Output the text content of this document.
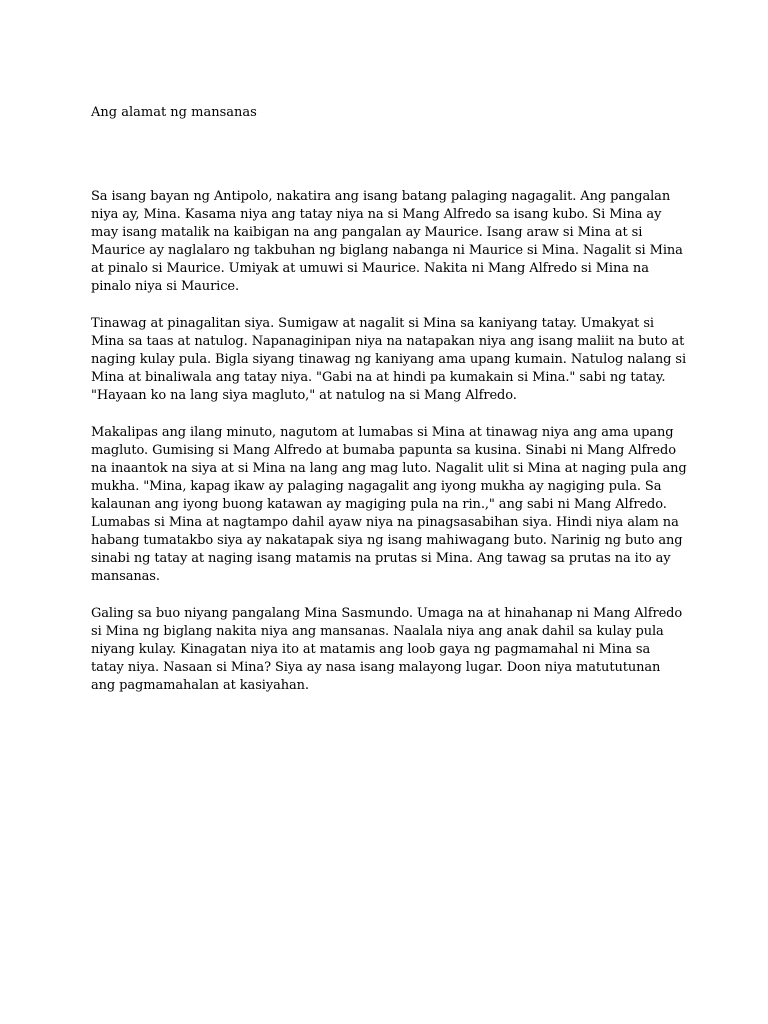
Ang alamat ng mansanas

Sa isang bayan ng Antipolo, nakatira ang isang batang palaging nagagalit. Ang pangalan
niya ay, Mina. Kasama niya ang tatay niya na si Mang Alfredo sa isang kubo. Si Mina ay
may isang matalik na kaibigan na ang pangalan ay Maurice. Isang araw si Mina at si
Maurice ay naglalaro ng takbuhan ng biglang nabanga ni Maurice si Mina. Nagalit si Mina
at pinalo si Maurice. Umiyak at umuwi si Maurice. Nakita ni Mang Alfredo si Mina na
pinalo niya si Maurice.

Tinawag at pinagalitan siya. Sumigaw at nagalit si Mina sa kaniyang tatay. Umakyat si
Mina sa taas at natulog. Napanaginipan niya na natapakan niya ang isang maliit na buto at
naging kulay pula. Bigla siyang tinawag ng kaniyang ama upang kumain. Natulog nalang si
Mina at binaliwala ang tatay niya. "Gabi na at hindi pa kumakain si Mina." sabi ng tatay.
"Hayaan ko na lang siya magluto," at natulog na si Mang Alfredo.

Makalipas ang ilang minuto, nagutom at lumabas si Mina at tinawag niya ang ama upang
magluto. Gumising si Mang Alfredo at bumaba papunta sa kusina. Sinabi ni Mang Alfredo
na inaantok na siya at si Mina na lang ang mag luto. Nagalit ulit si Mina at naging pula ang
mukha. "Mina, kapag ikaw ay palaging nagagalit ang iyong mukha ay nagiging pula. Sa
kalaunan ang iyong buong katawan ay magiging pula na rin.," ang sabi ni Mang Alfredo.
Lumabas si Mina at nagtampo dahil ayaw niya na pinagsasabihan siya. Hindi niya alam na
habang tumatakbo siya ay nakatapak siya ng isang mahiwagang buto. Narinig ng buto ang
sinabi ng tatay at naging isang matamis na prutas si Mina. Ang tawag sa prutas na ito ay
mansanas.

Galing sa buo niyang pangalang Mina Sasmundo. Umaga na at hinahanap ni Mang Alfredo
si Mina ng biglang nakita niya ang mansanas. Naalala niya ang anak dahil sa kulay pula
niyang kulay. Kinagatan niya ito at matamis ang loob gaya ng pagmamahal ni Mina sa
tatay niya. Nasaan si Mina? Siya ay nasa isang malayong lugar. Doon niya matututunan
ang pagmamahalan at kasiyahan.
